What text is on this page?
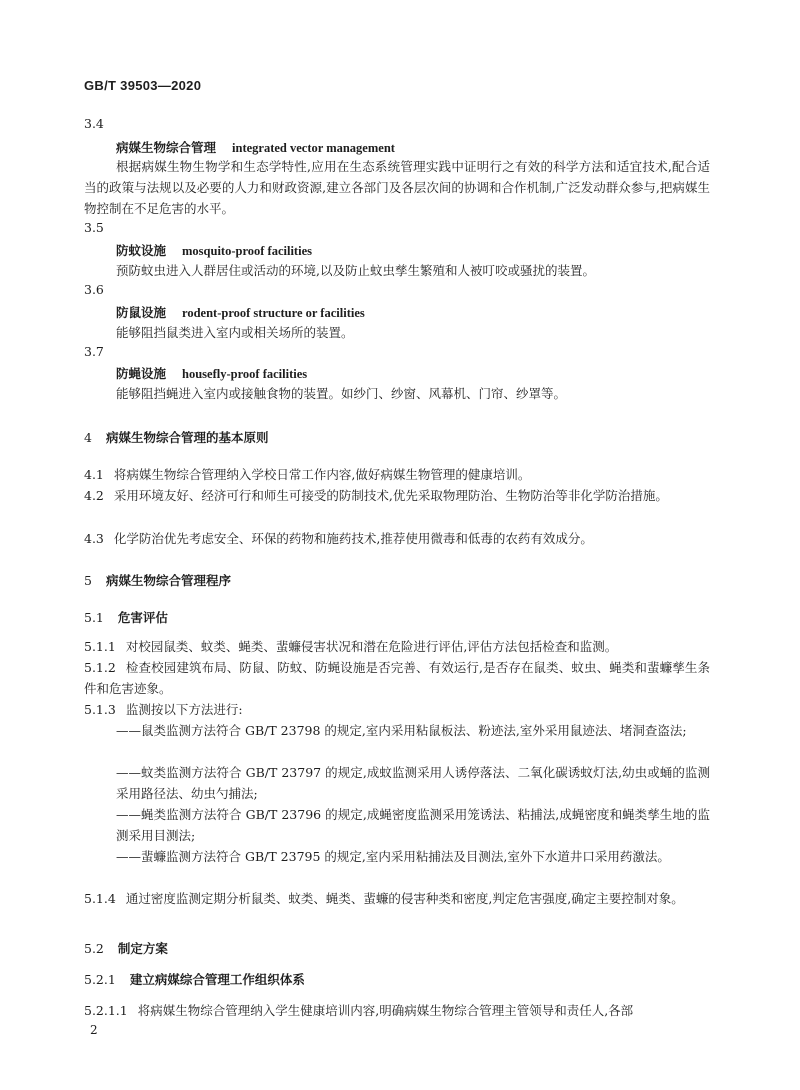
GB/T 39503—2020
3.4
病媒生物综合管理 integrated vector management
根据病媒生物生物学和生态学特性,应用在生态系统管理实践中证明行之有效的科学方法和适宜技术,配合适当的政策与法规以及必要的人力和财政资源,建立各部门及各层次间的协调和合作机制,广泛发动群众参与,把病媒生物控制在不足危害的水平。
3.5
防蚊设施 mosquito-proof facilities
预防蚊虫进入人群居住或活动的环境,以及防止蚊虫孳生繁殖和人被叮咬或骚扰的装置。
3.6
防鼠设施 rodent-proof structure or facilities
能够阻挡鼠类进入室内或相关场所的装置。
3.7
防蝇设施 housefly-proof facilities
能够阻挡蝇进入室内或接触食物的装置。如纱门、纱窗、风幕机、门帘、纱罩等。
4 病媒生物综合管理的基本原则
4.1 将病媒生物综合管理纳入学校日常工作内容,做好病媒生物管理的健康培训。
4.2 采用环境友好、经济可行和师生可接受的防制技术,优先采取物理防治、生物防治等非化学防治措施。
4.3 化学防治优先考虑安全、环保的药物和施药技术,推荐使用微毒和低毒的农药有效成分。
5 病媒生物综合管理程序
5.1 危害评估
5.1.1 对校园鼠类、蚊类、蝇类、蜚蠊侵害状况和潜在危险进行评估,评估方法包括检查和监测。
5.1.2 检查校园建筑布局、防鼠、防蚊、防蝇设施是否完善、有效运行,是否存在鼠类、蚊虫、蝇类和蜚蠊孳生条件和危害迹象。
5.1.3 监测按以下方法进行:
——鼠类监测方法符合 GB/T 23798 的规定,室内采用粘鼠板法、粉迹法,室外采用鼠迹法、堵洞查盗法;
——蚊类监测方法符合 GB/T 23797 的规定,成蚊监测采用人诱停落法、二氧化碳诱蚊灯法,幼虫或蛹的监测采用路径法、幼虫勺捕法;
——蝇类监测方法符合 GB/T 23796 的规定,成蝇密度监测采用笼诱法、粘捕法,成蝇密度和蝇类孳生地的监测采用目测法;
——蜚蠊监测方法符合 GB/T 23795 的规定,室内采用粘捕法及目测法,室外下水道井口采用药激法。
5.1.4 通过密度监测定期分析鼠类、蚊类、蝇类、蜚蠊的侵害种类和密度,判定危害强度,确定主要控制对象。
5.2 制定方案
5.2.1 建立病媒综合管理工作组织体系
5.2.1.1 将病媒生物综合管理纳入学生健康培训内容,明确病媒生物综合管理主管领导和责任人,各部
2
